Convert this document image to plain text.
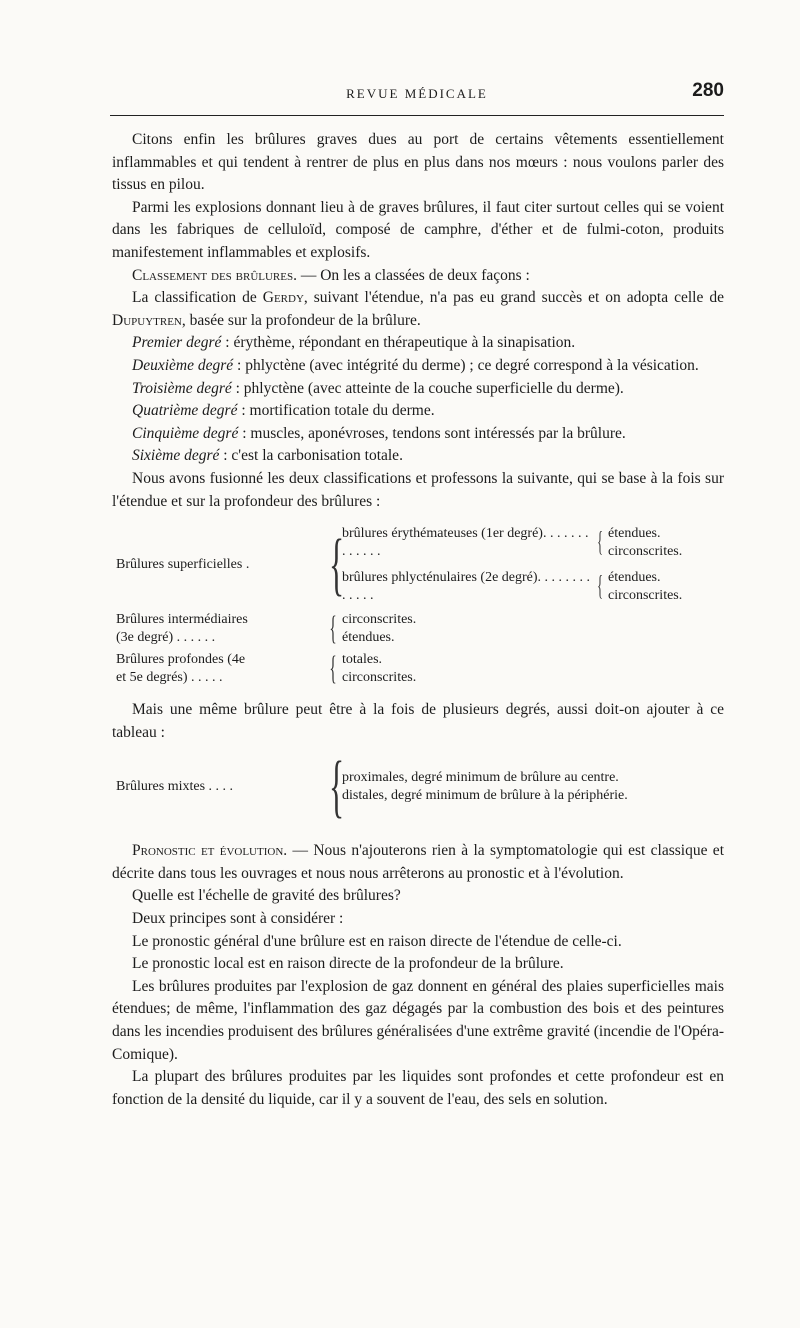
REVUE MÉDICALE	280

Citons enfin les brûlures graves dues au port de certains vêtements essentiellement inflammables et qui tendent à rentrer de plus en plus dans nos mœurs : nous voulons parler des tissus en pilou.

Parmi les explosions donnant lieu à de graves brûlures, il faut citer surtout celles qui se voient dans les fabriques de celluloïd, composé de camphre, d'éther et de fulmi-coton, produits manifestement inflammables et explosifs.

Classement des brûlures. — On les a classées de deux façons :

La classification de Gerdy, suivant l'étendue, n'a pas eu grand succès et on adopta celle de Dupuytren, basée sur la profondeur de la brûlure.

Premier degré : érythème, répondant en thérapeutique à la sinapisation.

Deuxième degré : phlyctène (avec intégrité du derme) ; ce degré correspond à la vésication.

Troisième degré : phlyctène (avec atteinte de la couche superficielle du derme).

Quatrième degré : mortification totale du derme.

Cinquième degré : muscles, aponévroses, tendons sont intéressés par la brûlure.

Sixième degré : c'est la carbonisation totale.

Nous avons fusionné les deux classifications et professons la suivante, qui se base à la fois sur l'étendue et sur la profondeur des brûlures :

Brûlures superficielles .	{
brûlures érythémateuses (1er degré). . . . . . . . . . . . .	{ étendues.
circonscrites.
brûlures phlycténulaires (2e degré). . . . . . . . . . . . .	{ étendues.
circonscrites.
Brûlures intermédiaires
(3e degré) . . . . . .	{ circonscrites.
étendues.
Brûlures profondes (4e
et 5e degrés) . . . . .	{ totales.
circonscrites.

Mais une même brûlure peut être à la fois de plusieurs degrés, aussi doit-on ajouter à ce tableau :

Brûlures mixtes . . . .	{
proximales, degré minimum de brûlure au centre.
distales, degré minimum de brûlure à la périphérie.

Pronostic et évolution. — Nous n'ajouterons rien à la symptomatologie qui est classique et décrite dans tous les ouvrages et nous nous arrêterons au pronostic et à l'évolution.

Quelle est l'échelle de gravité des brûlures?

Deux principes sont à considérer :

Le pronostic général d'une brûlure est en raison directe de l'étendue de celle-ci.

Le pronostic local est en raison directe de la profondeur de la brûlure.

Les brûlures produites par l'explosion de gaz donnent en général des plaies superficielles mais étendues; de même, l'inflammation des gaz dégagés par la combustion des bois et des peintures dans les incendies produisent des brûlures généralisées d'une extrême gravité (incendie de l'Opéra-Comique).

La plupart des brûlures produites par les liquides sont profondes et cette profondeur est en fonction de la densité du liquide, car il y a souvent de l'eau, des sels en solution.
